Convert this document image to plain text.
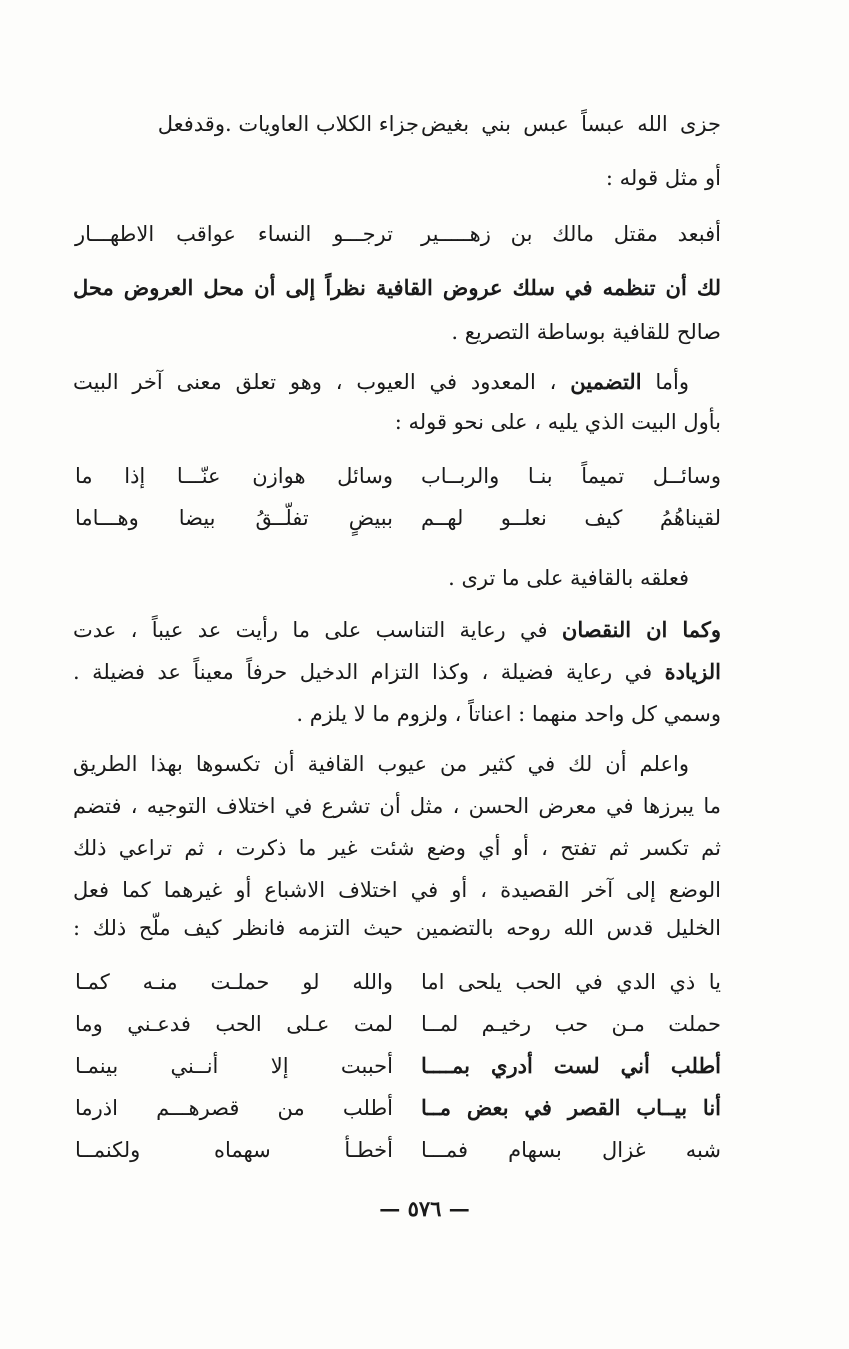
جزى الله عبساً عبس بني بغيض
جزاء الكلاب العاويات .وقدفعل
أو مثل قوله :
أفبعد مقتل مالك بن زهـــــير
ترجـــو النساء عواقب الاطهـــار
لك أن تنظمه في سلك عروض القافية نظراً إلى أن محل العروض محل
صالح للقافية بوساطة التصريع .
وأما التضمين ، المعدود في العيوب ، وهو تعلق معنى آخر البيت
بأول البيت الذي يليه ، على نحو قوله :
وسائــل تميماً بنـا والربــاب
وسائل هوازن عنّـــا إذا ما
لقيناهُمُ كيف نعلــو لهــم
ببيضٍ تفلّــقُ بيضا وهـــاما
فعلقه بالقافية على ما ترى .
وكما ان النقصان في رعاية التناسب على ما رأيت عد عيباً ، عدت
الزيادة في رعاية فضيلة ، وكذا التزام الدخيل حرفاً معيناً عد فضيلة .
وسمي كل واحد منهما : اعناتاً ، ولزوم ما لا يلزم .
واعلم أن لك في كثير من عيوب القافية أن تكسوها بهذا الطريق
ما يبرزها في معرض الحسن ، مثل أن تشرع في اختلاف التوجيه ، فتضم
ثم تكسر ثم تفتح ، أو أي وضع شئت غير ما ذكرت ، ثم تراعي ذلك
الوضع إلى آخر القصيدة ، أو في اختلاف الاشباع أو غيرهما كما فعل
الخليل قدس الله روحه بالتضمين حيث التزمه فانظر كيف ملّح ذلك :
يا ذي الدي في الحب يلحى اما
والله لو حملـت منـه كمـا
حملت مـن حب رخيـم لمــا
لمت عـلى الحب فدعـني وما
أطلب أني لست أدري بمــــا
أحببت إلا أنــني بينمـا
أنا بيــاب القصر في بعض مــا
أطلب من قصرهـــم اذرما
شبه غزال بسهام فمـــا
أخطـأ سهماه ولكنمــا
— ٥٧٦ —
